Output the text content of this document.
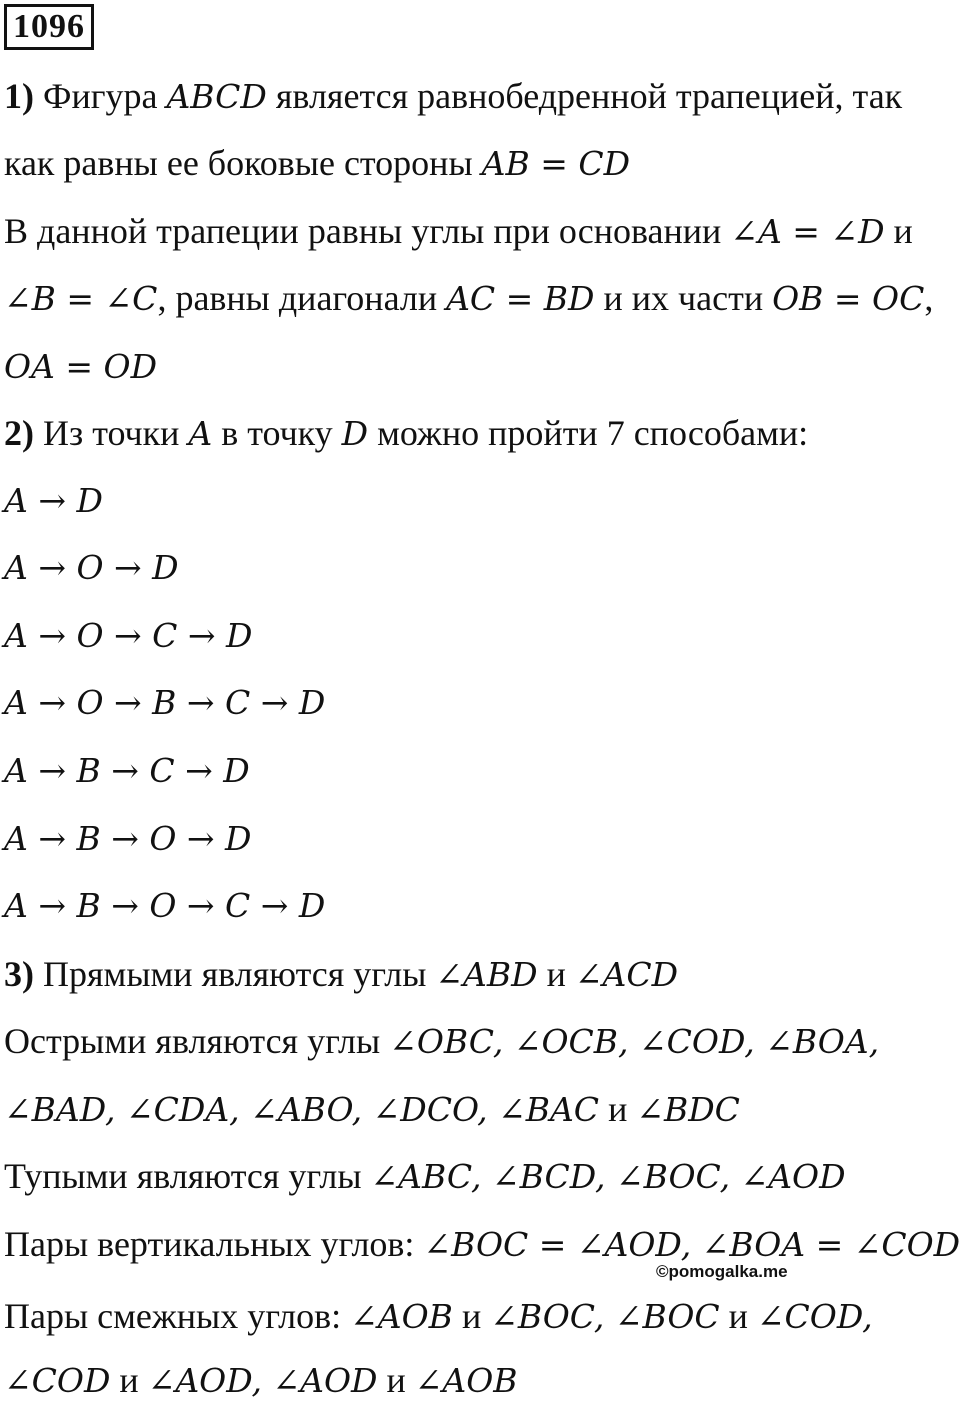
1096
1) Фигура ABCD является равнобедренной трапецией, так
как равны ее боковые стороны AB = CD
В данной трапеции равны углы при основании ∠A = ∠D и
∠B = ∠C, равны диагонали AC = BD и их части OB = OC,
OA = OD
2) Из точки A в точку D можно пройти 7 способами:
A → D
A → O → D
A → O → C → D
A → O → B → C → D
A → B → C → D
A → B → O → D
A → B → O → C → D
3) Прямыми являются углы ∠ABD и ∠ACD
Острыми являются углы ∠OBC, ∠OCB, ∠COD, ∠BOA,
∠BAD, ∠CDA, ∠ABO, ∠DCO, ∠BAC и ∠BDC
Тупыми являются углы ∠ABC, ∠BCD, ∠BOC, ∠AOD
Пары вертикальных углов: ∠BOC = ∠AOD, ∠BOA = ∠COD
©pomogalka.me
Пары смежных углов: ∠AOB и ∠BOC, ∠BOC и ∠COD,
∠COD и ∠AOD, ∠AOD и ∠AOB
